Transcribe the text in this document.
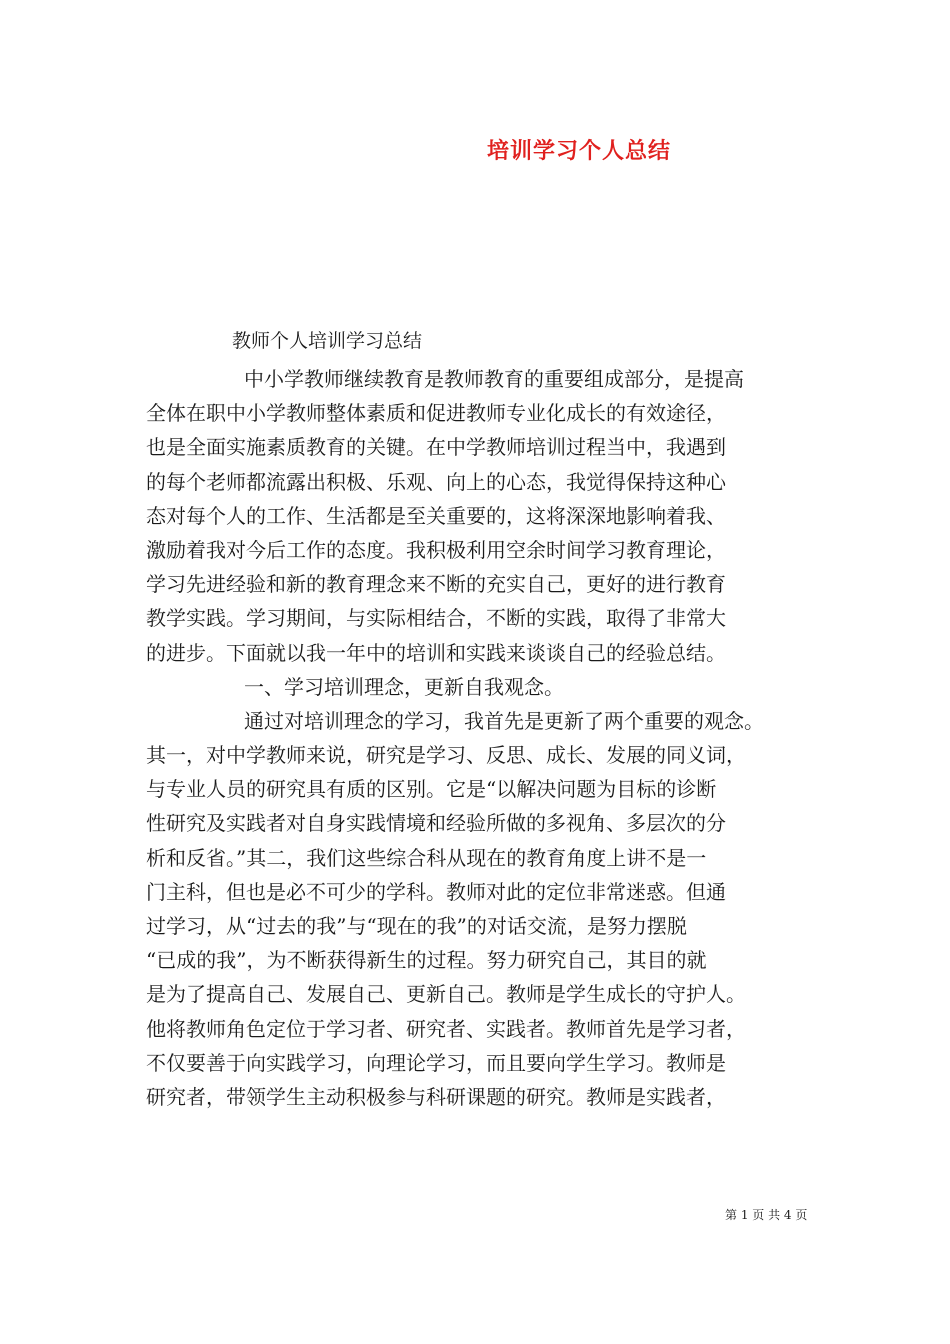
培训学习个人总结
教师个人培训学习总结
中小学教师继续教育是教师教育的重要组成部分，是提高
全体在职中小学教师整体素质和促进教师专业化成长的有效途径，
也是全面实施素质教育的关键。在中学教师培训过程当中，我遇到
的每个老师都流露出积极、乐观、向上的心态，我觉得保持这种心
态对每个人的工作、生活都是至关重要的，这将深深地影响着我、
激励着我对今后工作的态度。我积极利用空余时间学习教育理论，
学习先进经验和新的教育理念来不断的充实自己，更好的进行教育
教学实践。学习期间，与实际相结合，不断的实践，取得了非常大
的进步。下面就以我一年中的培训和实践来谈谈自己的经验总结。
一、学习培训理念，更新自我观念。
通过对培训理念的学习，我首先是更新了两个重要的观念。
其一，对中学教师来说，研究是学习、反思、成长、发展的同义词，
与专业人员的研究具有质的区别。它是“以解决问题为目标的诊断
性研究及实践者对自身实践情境和经验所做的多视角、多层次的分
析和反省。”其二，我们这些综合科从现在的教育角度上讲不是一
门主科，但也是必不可少的学科。教师对此的定位非常迷惑。但通
过学习，从“过去的我”与“现在的我”的对话交流，是努力摆脱
“已成的我”，为不断获得新生的过程。努力研究自己，其目的就
是为了提高自己、发展自己、更新自己。教师是学生成长的守护人。
他将教师角色定位于学习者、研究者、实践者。教师首先是学习者，
不仅要善于向实践学习，向理论学习，而且要向学生学习。教师是
研究者，带领学生主动积极参与科研课题的研究。教师是实践者，
第 1 页 共 4 页
